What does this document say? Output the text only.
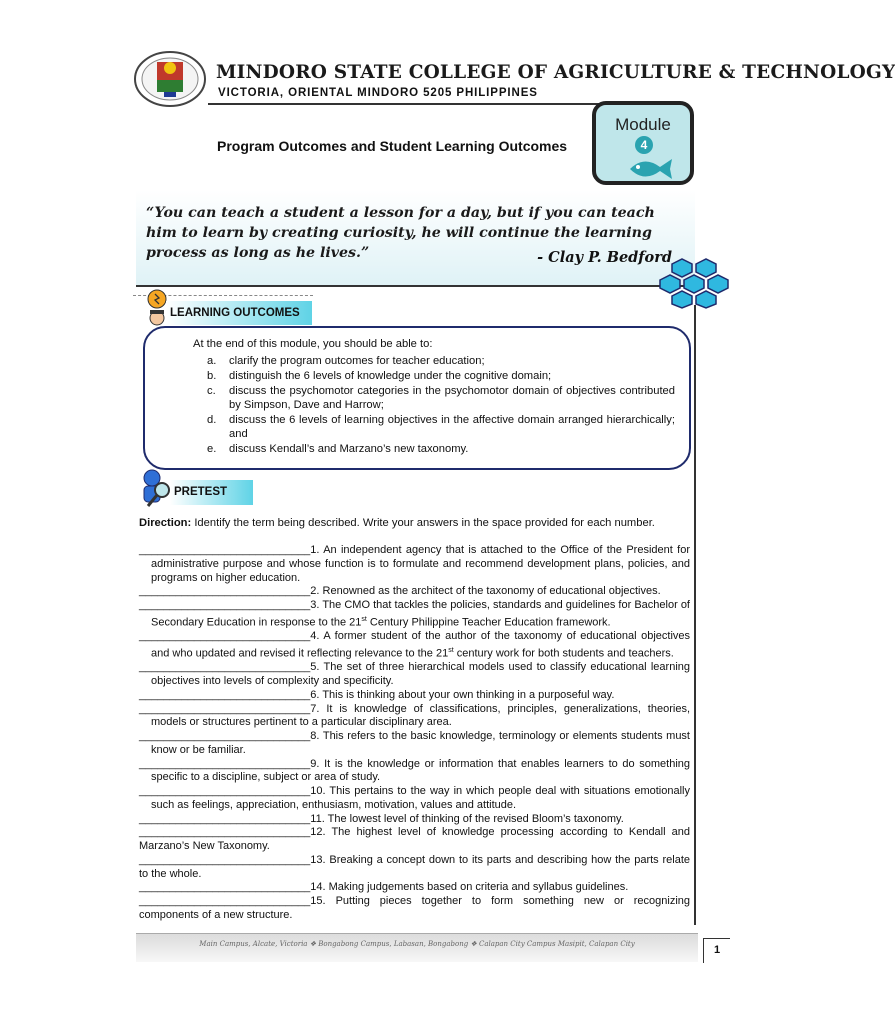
MINDORO STATE COLLEGE OF AGRICULTURE & TECHNOLOGY
VICTORIA, ORIENTAL MINDORO 5205 PHILIPPINES
Program Outcomes and Student Learning Outcomes
Module
4
“You can teach a student a lesson for a day, but if you can teach him to learn by creating curiosity, he will continue the learning process as long as he lives.”	- Clay P. Bedford
LEARNING OUTCOMES
At the end of this module, you should be able to:
a.	clarify the program outcomes for teacher education;
b.	distinguish the 6 levels of knowledge under the cognitive domain;
c.	discuss the psychomotor categories in the psychomotor domain of objectives contributed by Simpson, Dave and Harrow;
d.	discuss the 6 levels of learning objectives in the affective domain arranged hierarchically; and
e.	discuss Kendall’s and Marzano’s new taxonomy.
PRETEST
Direction: Identify the term being described. Write your answers in the space provided for each number.
____________________________1. An independent agency that is attached to the Office of the President for administrative purpose and whose function is to formulate and recommend development plans, policies, and programs on higher education.
____________________________2. Renowned as the architect of the taxonomy of educational objectives.
____________________________3. The CMO that tackles the policies, standards and guidelines for Bachelor of Secondary Education in response to the 21st Century Philippine Teacher Education framework.
____________________________4. A former student of the author of the taxonomy of educational objectives and who updated and revised it reflecting relevance to the 21st century work for both students and teachers.
____________________________5. The set of three hierarchical models used to classify educational learning objectives into levels of complexity and specificity.
____________________________6. This is thinking about your own thinking in a purposeful way.
____________________________7. It is knowledge of classifications, principles, generalizations, theories, models or structures pertinent to a particular disciplinary area.
____________________________8. This refers to the basic knowledge, terminology or elements students must know or be familiar.
____________________________9. It is the knowledge or information that enables learners to do something specific to a discipline, subject or area of study.
____________________________10. This pertains to the way in which people deal with situations emotionally such as feelings, appreciation, enthusiasm, motivation, values and attitude.
____________________________11. The lowest level of thinking of the revised Bloom’s taxonomy.
____________________________12. The highest level of knowledge processing according to Kendall and Marzano’s New Taxonomy.
____________________________13. Breaking a concept down to its parts and describing how the parts relate to the whole.
____________________________14. Making judgements based on criteria and syllabus guidelines.
____________________________15. Putting pieces together to form something new or recognizing components of a new structure.
Main Campus, Alcate, Victoria ❖ Bongabong Campus, Labasan, Bongabong ❖ Calapan City Campus Masipit, Calapan City	1
